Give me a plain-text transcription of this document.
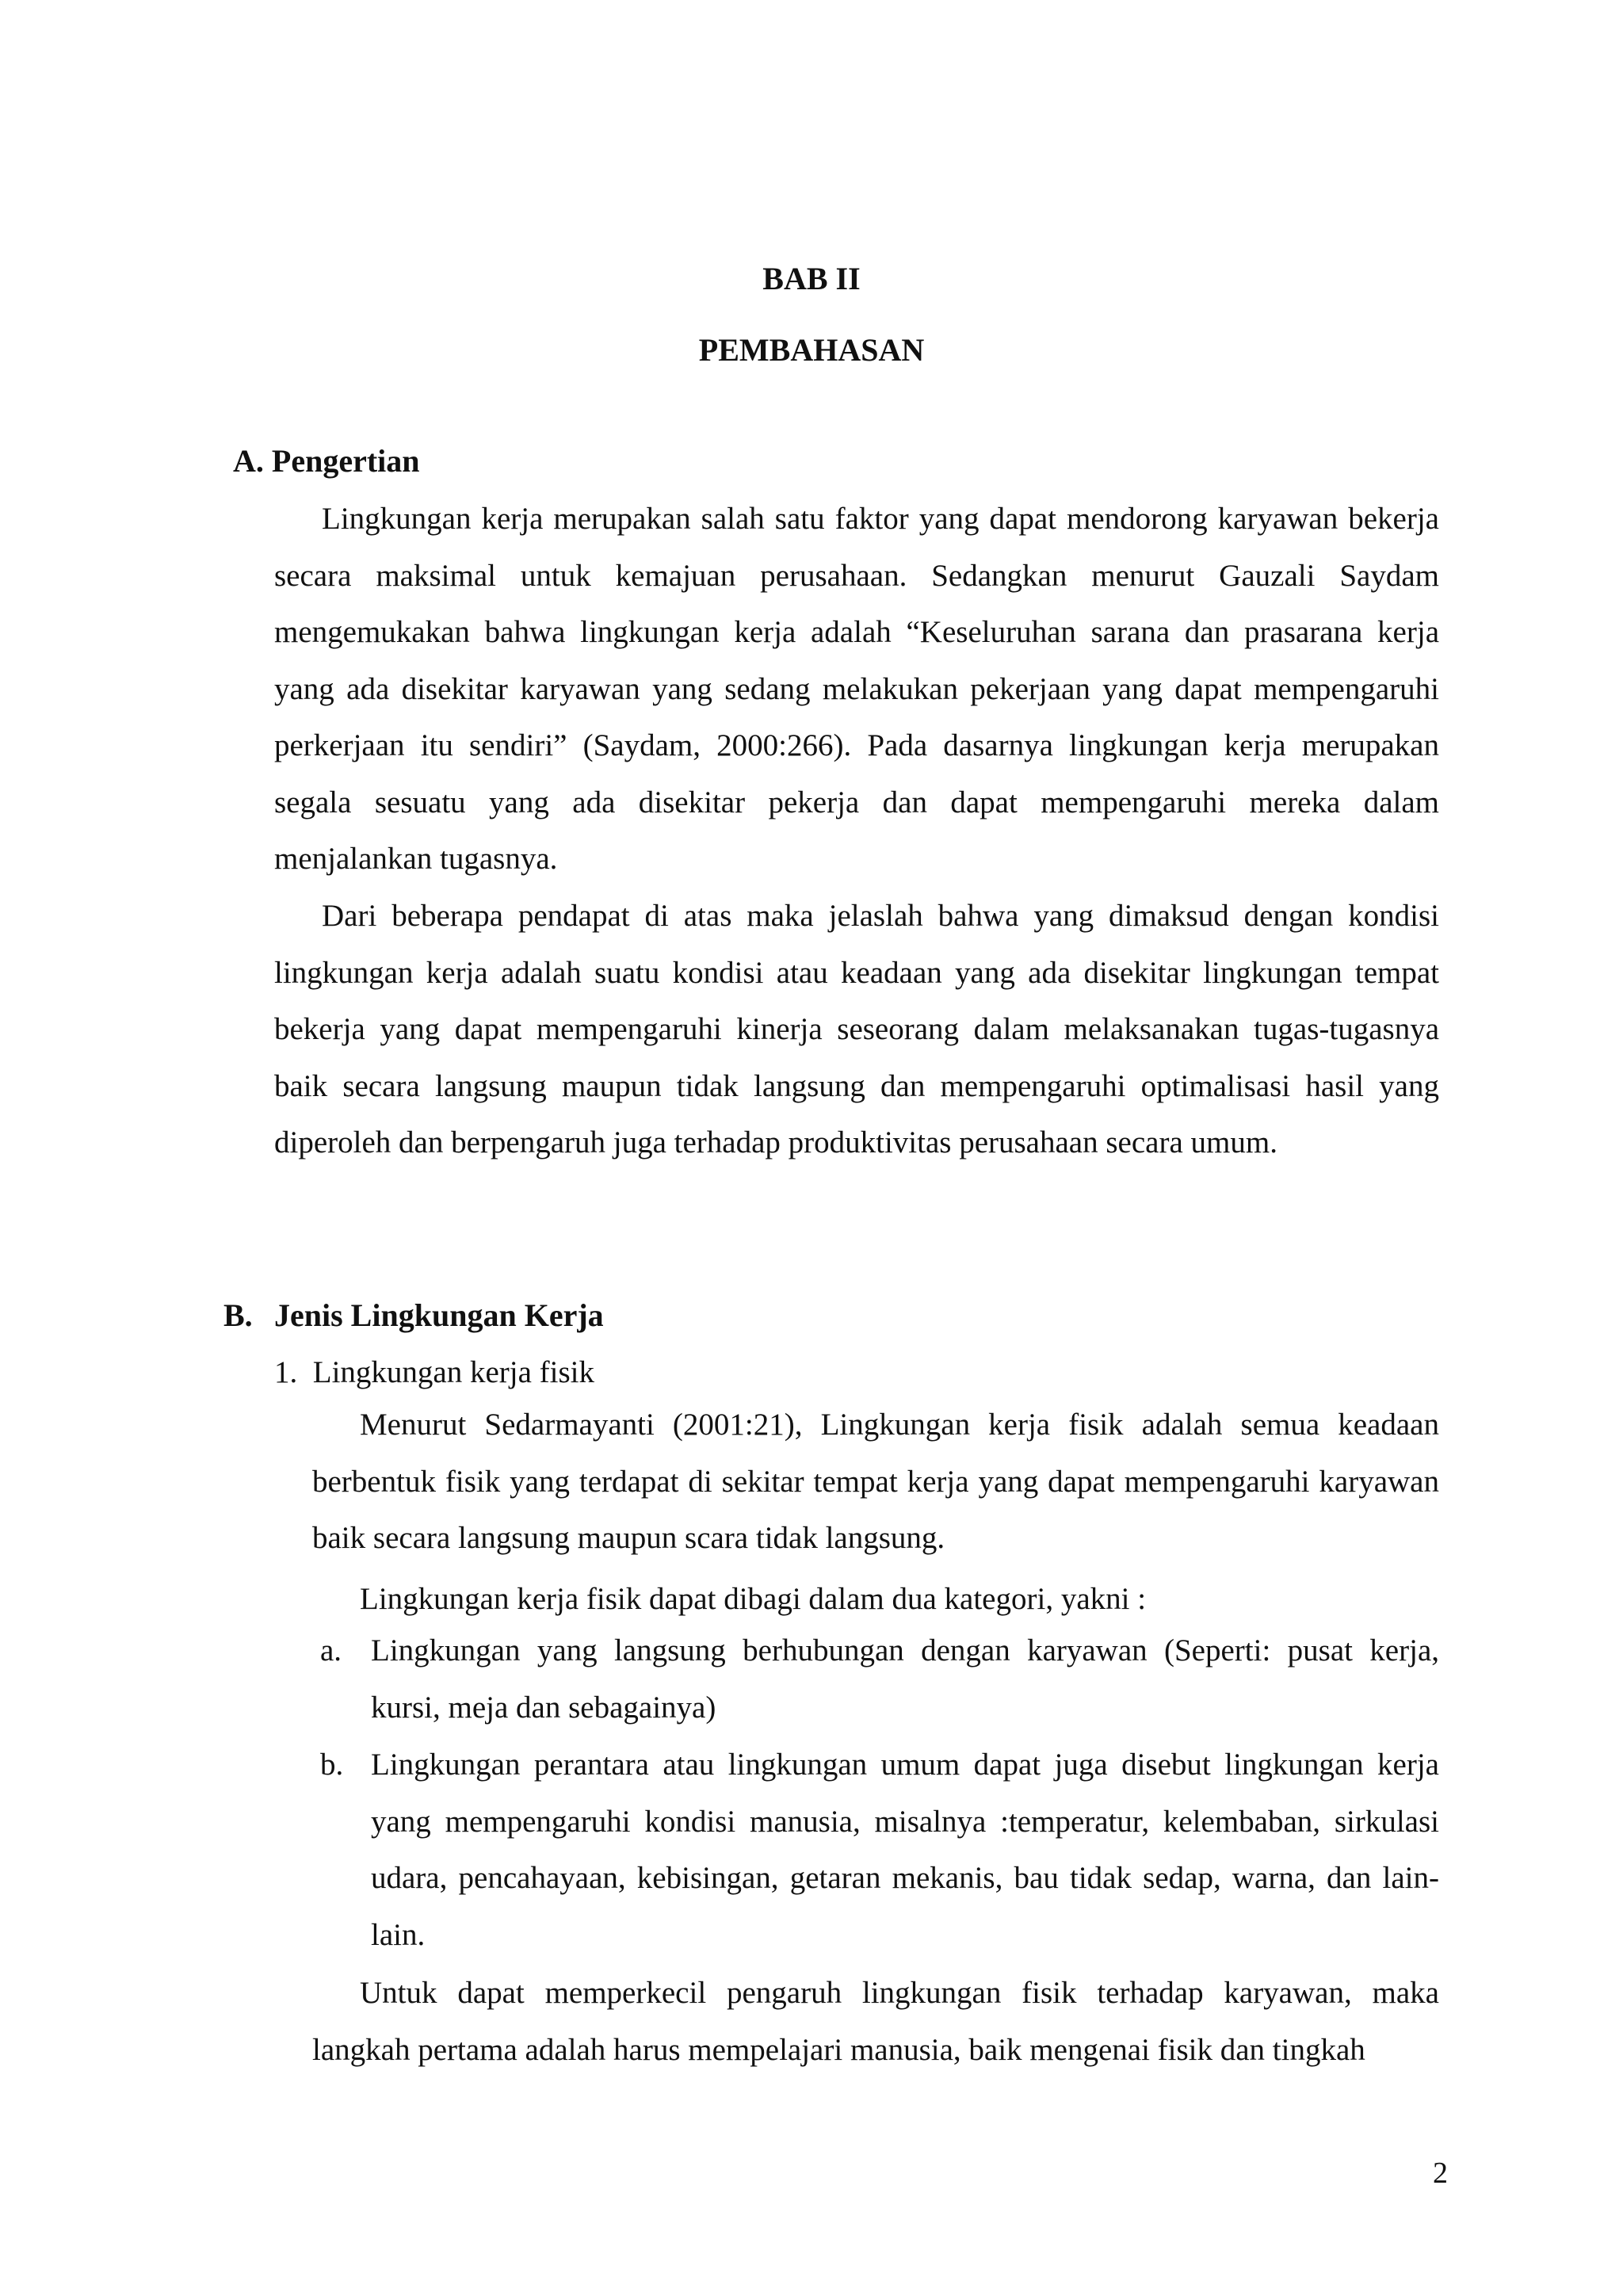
BAB II
PEMBAHASAN
A. Pengertian
Lingkungan kerja merupakan salah satu faktor yang dapat mendorong karyawan bekerja secara maksimal untuk kemajuan perusahaan. Sedangkan menurut Gauzali Saydam mengemukakan bahwa lingkungan kerja adalah “Keseluruhan sarana dan prasarana kerja yang ada disekitar karyawan yang sedang melakukan pekerjaan yang dapat mempengaruhi perkerjaan itu sendiri” (Saydam, 2000:266). Pada dasarnya lingkungan kerja merupakan segala sesuatu yang ada disekitar pekerja dan dapat mempengaruhi mereka dalam menjalankan tugasnya.
Dari beberapa pendapat di atas maka jelaslah bahwa yang dimaksud dengan kondisi lingkungan kerja adalah suatu kondisi atau keadaan yang ada disekitar lingkungan tempat bekerja yang dapat mempengaruhi kinerja seseorang dalam melaksanakan tugas-tugasnya baik secara langsung maupun tidak langsung dan mempengaruhi optimalisasi hasil yang diperoleh dan berpengaruh juga terhadap produktivitas perusahaan secara umum.
B. Jenis Lingkungan Kerja
1.  Lingkungan kerja fisik
Menurut Sedarmayanti (2001:21), Lingkungan kerja fisik adalah semua keadaan berbentuk fisik yang terdapat di sekitar tempat kerja yang dapat mempengaruhi karyawan baik secara langsung maupun scara tidak langsung.
Lingkungan kerja fisik dapat dibagi dalam dua kategori, yakni :
a. Lingkungan yang langsung berhubungan dengan karyawan (Seperti: pusat kerja, kursi, meja dan sebagainya)
b. Lingkungan perantara atau lingkungan umum dapat juga disebut lingkungan kerja yang mempengaruhi kondisi manusia, misalnya :temperatur, kelembaban, sirkulasi udara, pencahayaan, kebisingan, getaran mekanis, bau tidak sedap, warna, dan lain-lain.
Untuk dapat memperkecil pengaruh lingkungan fisik terhadap karyawan, maka langkah pertama adalah harus mempelajari manusia, baik mengenai fisik dan tingkah
2
